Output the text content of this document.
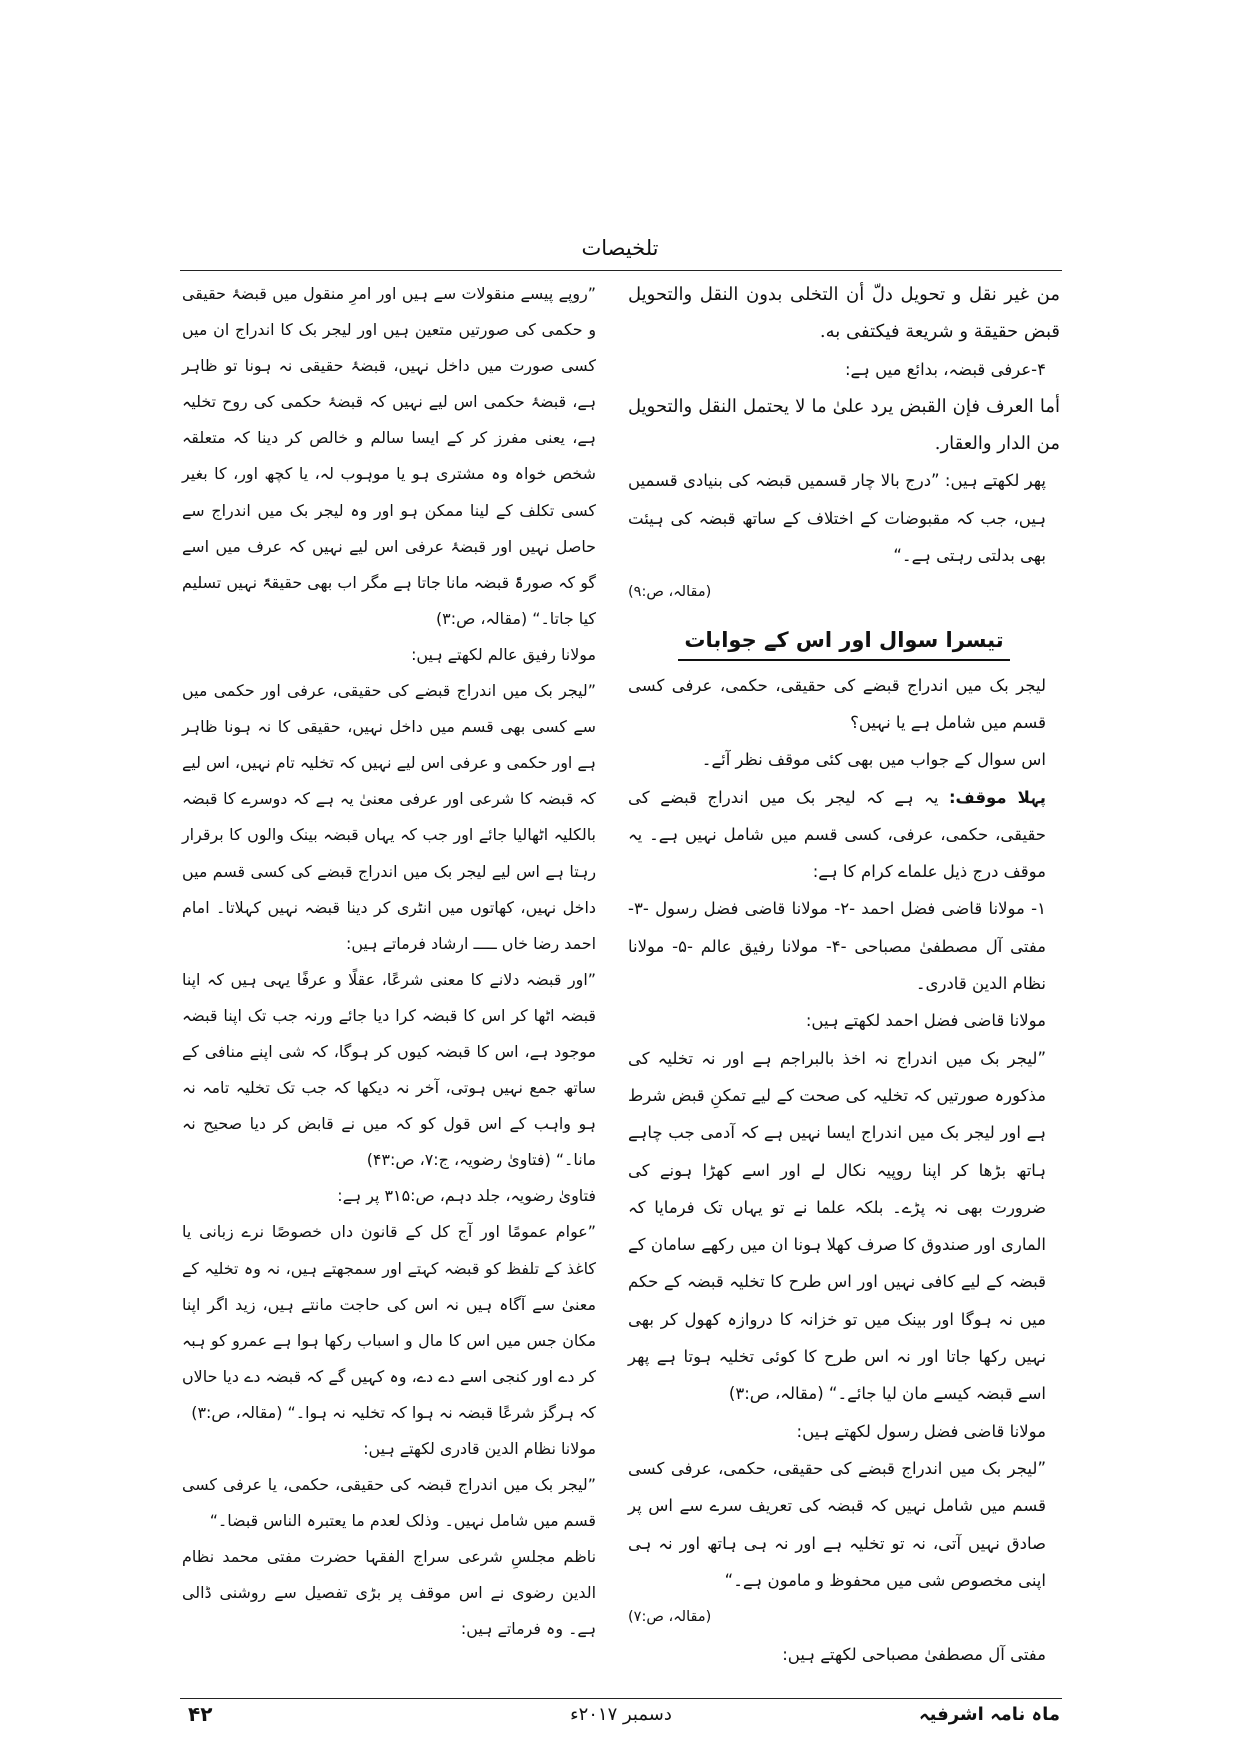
تلخیصات

من غیر نقل و تحویل دلّ أن التخلی بدون النقل والتحویل قبض حقیقة و شریعة فیکتفی به.

۴-عرفی قبضہ، بدائع میں ہے:

أما العرف فإن القبض یرد علیٰ ما لا یحتمل النقل والتحویل من الدار والعقار.

پھر لکھتے ہیں: ”درج بالا چار قسمیں قبضہ کی بنیادی قسمیں ہیں، جب کہ مقبوضات کے اختلاف کے ساتھ قبضہ کی ہیئت بھی بدلتی رہتی ہے۔“

(مقالہ، ص:۹)

تیسرا سوال اور اس کے جوابات

لیجر بک میں اندراج قبضے کی حقیقی، حکمی، عرفی کسی قسم میں شامل ہے یا نہیں؟

اس سوال کے جواب میں بھی کئی موقف نظر آئے۔

پہلا موقف: یہ ہے کہ لیجر بک میں اندراج قبضے کی حقیقی، حکمی، عرفی، کسی قسم میں شامل نہیں ہے۔ یہ موقف درج ذیل علماے کرام کا ہے:

۱- مولانا قاضی فضل احمد -۲- مولانا قاضی فضل رسول -۳- مفتی آل مصطفیٰ مصباحی -۴- مولانا رفیق عالم -۵- مولانا نظام الدین قادری۔

مولانا قاضی فضل احمد لکھتے ہیں:

”لیجر بک میں اندراج نہ اخذ بالبراجم ہے اور نہ تخلیہ کی مذکورہ صورتیں کہ تخلیہ کی صحت کے لیے تمکنِ قبض شرط ہے اور لیجر بک میں اندراج ایسا نہیں ہے کہ آدمی جب چاہے ہاتھ بڑھا کر اپنا روپیہ نکال لے اور اسے کھڑا ہونے کی ضرورت بھی نہ پڑے۔ بلکہ علما نے تو یہاں تک فرمایا کہ الماری اور صندوق کا صرف کھلا ہونا ان میں رکھے سامان کے قبضہ کے لیے کافی نہیں اور اس طرح کا تخلیہ قبضہ کے حکم میں نہ ہوگا اور بینک میں تو خزانہ کا دروازہ کھول کر بھی نہیں رکھا جاتا اور نہ اس طرح کا کوئی تخلیہ ہوتا ہے پھر اسے قبضہ کیسے مان لیا جائے۔“ (مقالہ، ص:۳)

مولانا قاضی فضل رسول لکھتے ہیں:

”لیجر بک میں اندراج قبضے کی حقیقی، حکمی، عرفی کسی قسم میں شامل نہیں کہ قبضہ کی تعریف سرے سے اس پر صادق نہیں آتی، نہ تو تخلیہ ہے اور نہ ہی ہاتھ اور نہ ہی اپنی مخصوص شی میں محفوظ و مامون ہے۔“

(مقالہ، ص:۷)

مفتی آل مصطفیٰ مصباحی لکھتے ہیں:

”روپے پیسے منقولات سے ہیں اور امرِ منقول میں قبضۂ حقیقی و حکمی کی صورتیں متعین ہیں اور لیجر بک کا اندراج ان میں کسی صورت میں داخل نہیں، قبضۂ حقیقی نہ ہونا تو ظاہر ہے، قبضۂ حکمی اس لیے نہیں کہ قبضۂ حکمی کی روح تخلیہ ہے، یعنی مفرز کر کے ایسا سالم و خالص کر دینا کہ متعلقہ شخص خواہ وہ مشتری ہو یا موہوب لہ، یا کچھ اور، کا بغیر کسی تکلف کے لینا ممکن ہو اور وہ لیجر بک میں اندراج سے حاصل نہیں اور قبضۂ عرفی اس لیے نہیں کہ عرف میں اسے گو کہ صورۃً قبضہ مانا جاتا ہے مگر اب بھی حقیقۃً نہیں تسلیم کیا جاتا۔“ (مقالہ، ص:۳)

مولانا رفیق عالم لکھتے ہیں:

”لیجر بک میں اندراج قبضے کی حقیقی، عرفی اور حکمی میں سے کسی بھی قسم میں داخل نہیں، حقیقی کا نہ ہونا ظاہر ہے اور حکمی و عرفی اس لیے نہیں کہ تخلیہ تام نہیں، اس لیے کہ قبضہ کا شرعی اور عرفی معنیٰ یہ ہے کہ دوسرے کا قبضہ بالکلیہ اٹھالیا جائے اور جب کہ یہاں قبضہ بینک والوں کا برقرار رہتا ہے اس لیے لیجر بک میں اندراج قبضے کی کسی قسم میں داخل نہیں، کھاتوں میں انٹری کر دینا قبضہ نہیں کہلاتا۔ امام احمد رضا خاں ـــــ ارشاد فرماتے ہیں:

”اور قبضہ دلانے کا معنی شرعًا، عقلًا و عرفًا یہی ہیں کہ اپنا قبضہ اٹھا کر اس کا قبضہ کرا دیا جائے ورنہ جب تک اپنا قبضہ موجود ہے، اس کا قبضہ کیوں کر ہوگا، کہ شی اپنے منافی کے ساتھ جمع نہیں ہوتی، آخر نہ دیکھا کہ جب تک تخلیہ تامہ نہ ہو واہب کے اس قول کو کہ میں نے قابض کر دیا صحیح نہ مانا۔“ (فتاویٰ رضویہ، ج:۷، ص:۴۳)

فتاویٰ رضویہ، جلد دہم، ص:۳۱۵ پر ہے:

”عوام عمومًا اور آج کل کے قانون داں خصوصًا نرے زبانی یا کاغذ کے تلفظ کو قبضہ کہتے اور سمجھتے ہیں، نہ وہ تخلیہ کے معنیٰ سے آگاہ ہیں نہ اس کی حاجت مانتے ہیں، زید اگر اپنا مکان جس میں اس کا مال و اسباب رکھا ہوا ہے عمرو کو ہبہ کر دے اور کنجی اسے دے دے، وہ کہیں گے کہ قبضہ دے دیا حالاں کہ ہرگز شرعًا قبضہ نہ ہوا کہ تخلیہ نہ ہوا۔“ (مقالہ، ص:۳)

مولانا نظام الدین قادری لکھتے ہیں:

”لیجر بک میں اندراج قبضہ کی حقیقی، حکمی، یا عرفی کسی قسم میں شامل نہیں۔ وذلک لعدم ما یعتبرہ الناس قبضا۔“

ناظم مجلسِ شرعی سراج الفقہا حضرت مفتی محمد نظام الدین رضوی نے اس موقف پر بڑی تفصیل سے روشنی ڈالی ہے۔ وہ فرماتے ہیں:

ماہ نامہ اشرفیہ
دسمبر ۲۰۱۷ء
۴۲
